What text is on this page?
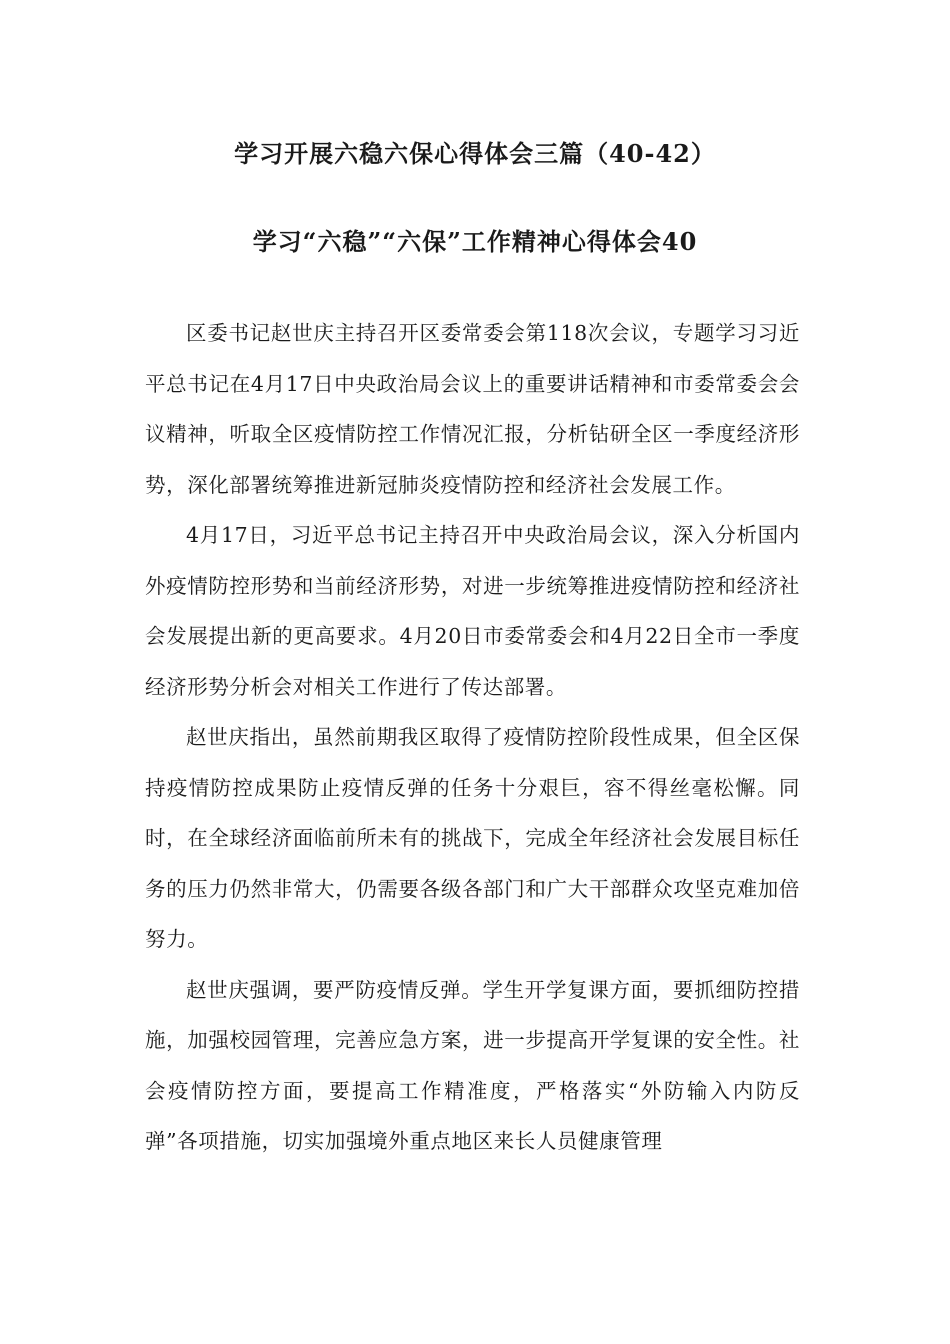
学习开展六稳六保心得体会三篇（40-42）
学习“六稳”“六保”工作精神心得体会40

区委书记赵世庆主持召开区委常委会第118次会议，专题学习习近平总书记在4月17日中央政治局会议上的重要讲话精神和市委常委会会议精神，听取全区疫情防控工作情况汇报，分析钻研全区一季度经济形势，深化部署统筹推进新冠肺炎疫情防控和经济社会发展工作。

4月17日，习近平总书记主持召开中央政治局会议，深入分析国内外疫情防控形势和当前经济形势，对进一步统筹推进疫情防控和经济社会发展提出新的更高要求。4月20日市委常委会和4月22日全市一季度经济形势分析会对相关工作进行了传达部署。

赵世庆指出，虽然前期我区取得了疫情防控阶段性成果，但全区保持疫情防控成果防止疫情反弹的任务十分艰巨，容不得丝毫松懈。同时，在全球经济面临前所未有的挑战下，完成全年经济社会发展目标任务的压力仍然非常大，仍需要各级各部门和广大干部群众攻坚克难加倍努力。

赵世庆强调，要严防疫情反弹。学生开学复课方面，要抓细防控措施，加强校园管理，完善应急方案，进一步提高开学复课的安全性。社会疫情防控方面，要提高工作精准度，严格落实“外防输入内防反弹”各项措施，切实加强境外重点地区来长人员健康管理
